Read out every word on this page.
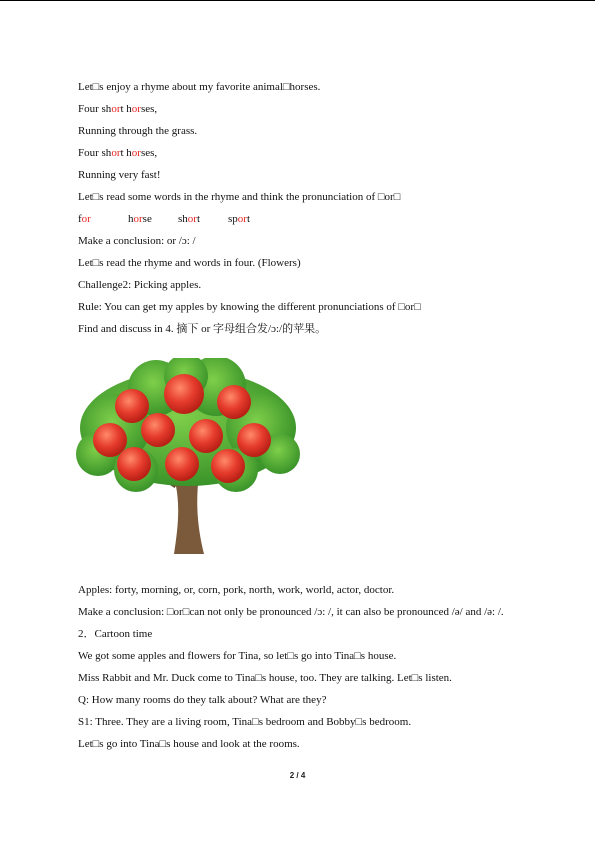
Let□s enjoy a rhyme about my favorite animal□horses.
Four short horses,
Running through the grass.
Four short horses,
Running very fast!
Let□s read some words in the rhyme and think the pronunciation of □or□
for	horse short	sport
Make a conclusion: or /ɔ: /
Let□s read the rhyme and words in four. (Flowers)
Challenge2: Picking apples.
Rule: You can get my apples by knowing the different pronunciations of □or□
Find and discuss in 4. 摘下 or 字母组合发/ɔ:/的苹果。
Apples: forty, morning, or, corn, pork, north, work, world, actor, doctor.
Make a conclusion: □or□can not only be pronounced /ɔ: /, it can also be pronounced /ə/ and /ə: /.
2．Cartoon time
We got some apples and flowers for Tina, so let□s go into Tina□s house.
Miss Rabbit and Mr. Duck come to Tina□s house, too. They are talking. Let□s listen.
Q: How many rooms do they talk about? What are they?
S1: Three. They are a living room, Tina□s bedroom and Bobby□s bedroom.
Let□s go into Tina□s house and look at the rooms.
2 / 4
